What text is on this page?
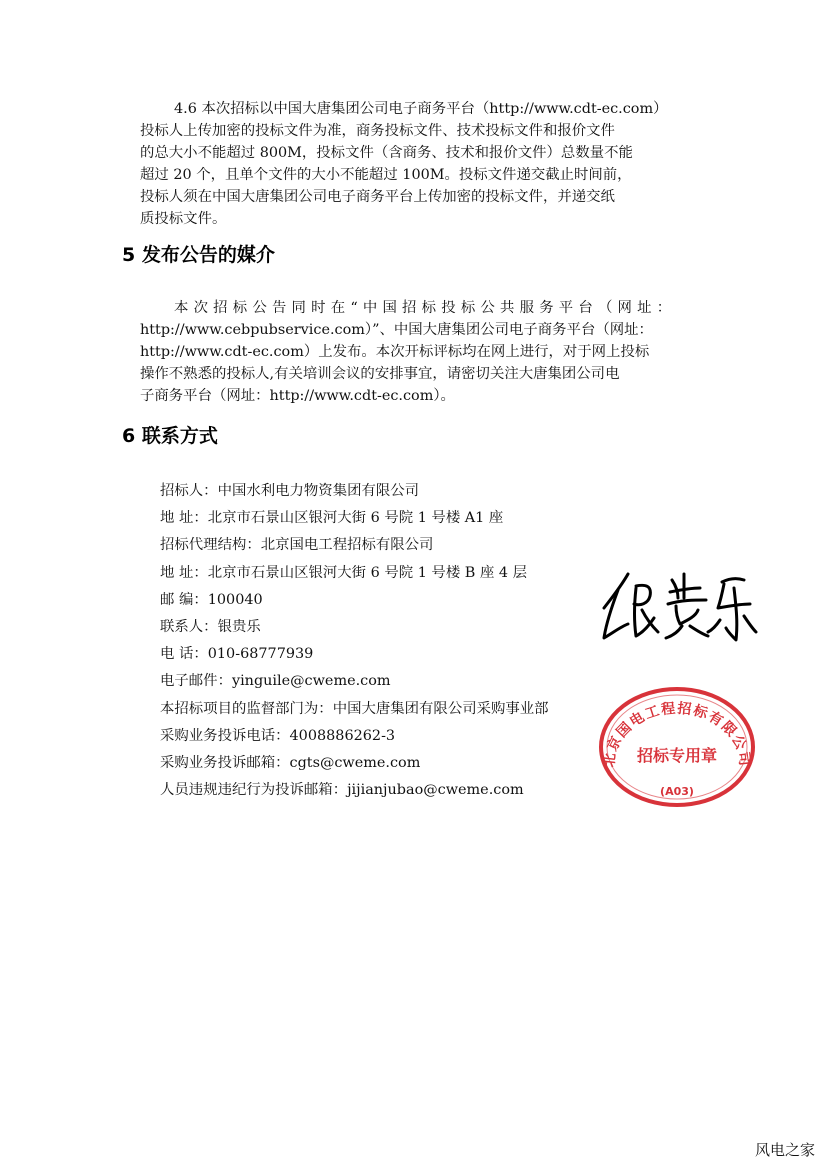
4.6 本次招标以中国大唐集团公司电子商务平台（http://www.cdt-ec.com）
投标人上传加密的投标文件为准，商务投标文件、技术投标文件和报价文件
的总大小不能超过 800M，投标文件（含商务、技术和报价文件）总数量不能
超过 20 个，且单个文件的大小不能超过 100M。投标文件递交截止时间前，
投标人须在中国大唐集团公司电子商务平台上传加密的投标文件，并递交纸
质投标文件。
5 发布公告的媒介
本次招标公告同时在“中国招标投标公共服务平台（网址：
http://www.cebpubservice.com）”、中国大唐集团公司电子商务平台（网址：
http://www.cdt-ec.com）上发布。本次开标评标均在网上进行，对于网上投标
操作不熟悉的投标人,有关培训会议的安排事宜，请密切关注大唐集团公司电
子商务平台（网址：http://www.cdt-ec.com）。
6 联系方式
招标人：中国水利电力物资集团有限公司
地 址：北京市石景山区银河大街 6 号院 1 号楼 A1 座
招标代理结构：北京国电工程招标有限公司
地 址：北京市石景山区银河大街 6 号院 1 号楼 B 座 4 层
邮 编：100040
联系人：银贵乐
电 话：010-68777939
电子邮件：yinguile@cweme.com
本招标项目的监督部门为：中国大唐集团有限公司采购事业部
采购业务投诉电话：4008886262-3
采购业务投诉邮箱：cgts@cweme.com
人员违规违纪行为投诉邮箱：jijianjubao@cweme.com
北京国电工程招标有限公司
招标专用章
(A03)
风电之家
